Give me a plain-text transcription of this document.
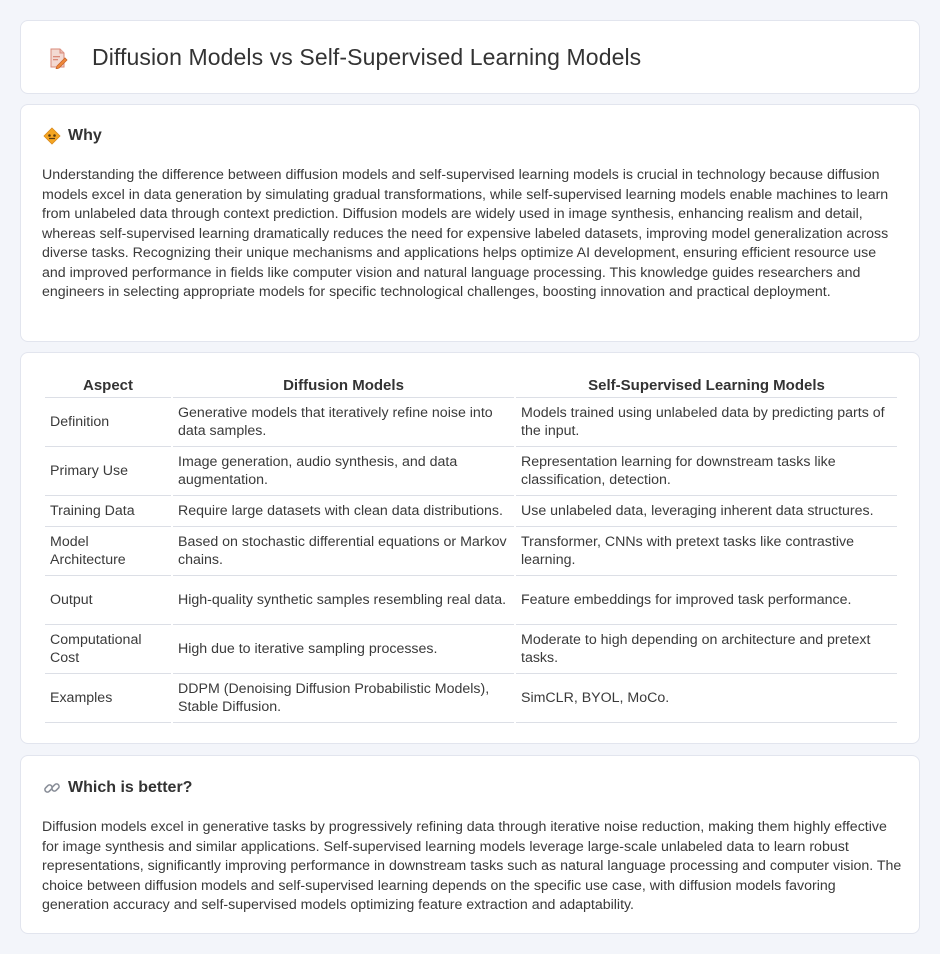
Diffusion Models vs Self-Supervised Learning Models
Why

Understanding the difference between diffusion models and self-supervised learning models is crucial in technology because diffusion models excel in data generation by simulating gradual transformations, while self-supervised learning models enable machines to learn from unlabeled data through context prediction. Diffusion models are widely used in image synthesis, enhancing realism and detail, whereas self-supervised learning dramatically reduces the need for expensive labeled datasets, improving model generalization across diverse tasks. Recognizing their unique mechanisms and applications helps optimize AI development, ensuring efficient resource use and improved performance in fields like computer vision and natural language processing. This knowledge guides researchers and engineers in selecting appropriate models for specific technological challenges, boosting innovation and practical deployment.

Aspect	Diffusion Models	Self-Supervised Learning Models
Definition	Generative models that iteratively refine noise into data samples.	Models trained using unlabeled data by predicting parts of the input.
Primary Use	Image generation, audio synthesis, and data augmentation.	Representation learning for downstream tasks like classification, detection.
Training Data	Require large datasets with clean data distributions.	Use unlabeled data, leveraging inherent data structures.
Model Architecture	Based on stochastic differential equations or Markov chains.	Transformer, CNNs with pretext tasks like contrastive learning.
Output	High-quality synthetic samples resembling real data.	Feature embeddings for improved task performance.
Computational Cost	High due to iterative sampling processes.	Moderate to high depending on architecture and pretext tasks.
Examples	DDPM (Denoising Diffusion Probabilistic Models), Stable Diffusion.	SimCLR, BYOL, MoCo.
Which is better?

Diffusion models excel in generative tasks by progressively refining data through iterative noise reduction, making them highly effective for image synthesis and similar applications. Self-supervised learning models leverage large-scale unlabeled data to learn robust representations, significantly improving performance in downstream tasks such as natural language processing and computer vision. The choice between diffusion models and self-supervised learning depends on the specific use case, with diffusion models favoring generation accuracy and self-supervised models optimizing feature extraction and adaptability.
